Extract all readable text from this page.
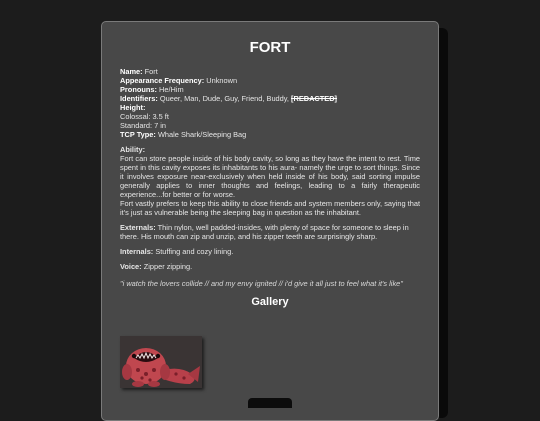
FORT

Name: Fort

Appearance Frequency: Unknown

Pronouns: He/Him

Identifiers: Queer, Man, Dude, Guy, Friend, Buddy, [REDACTED]

Height:

Colossal: 3.5 ft

Standard: 7 in

TCP Type: Whale Shark/Sleeping Bag

Ability:

Fort can store people inside of his body cavity, so long as they have the intent to rest. Time spent in this cavity exposes its inhabitants to his aura- namely the urge to sort things. Since it involves exposure near-exclusively when held inside of his body, said sorting impulse generally applies to inner thoughts and feelings, leading to a fairly therapeutic experience...for better or for worse.

Fort vastly prefers to keep this ability to close friends and system members only, saying that it's just as vulnerable being the sleeping bag in question as the inhabitant.

Externals: Thin nylon, well padded-insides, with plenty of space for someone to sleep in there. His mouth can zip and unzip, and his zipper teeth are surprisingly sharp.

Internals: Stuffing and cozy lining.

Voice: Zipper zipping.

"i watch the lovers collide // and my envy ignited // i'd give it all just to feel what it's like"

Gallery
